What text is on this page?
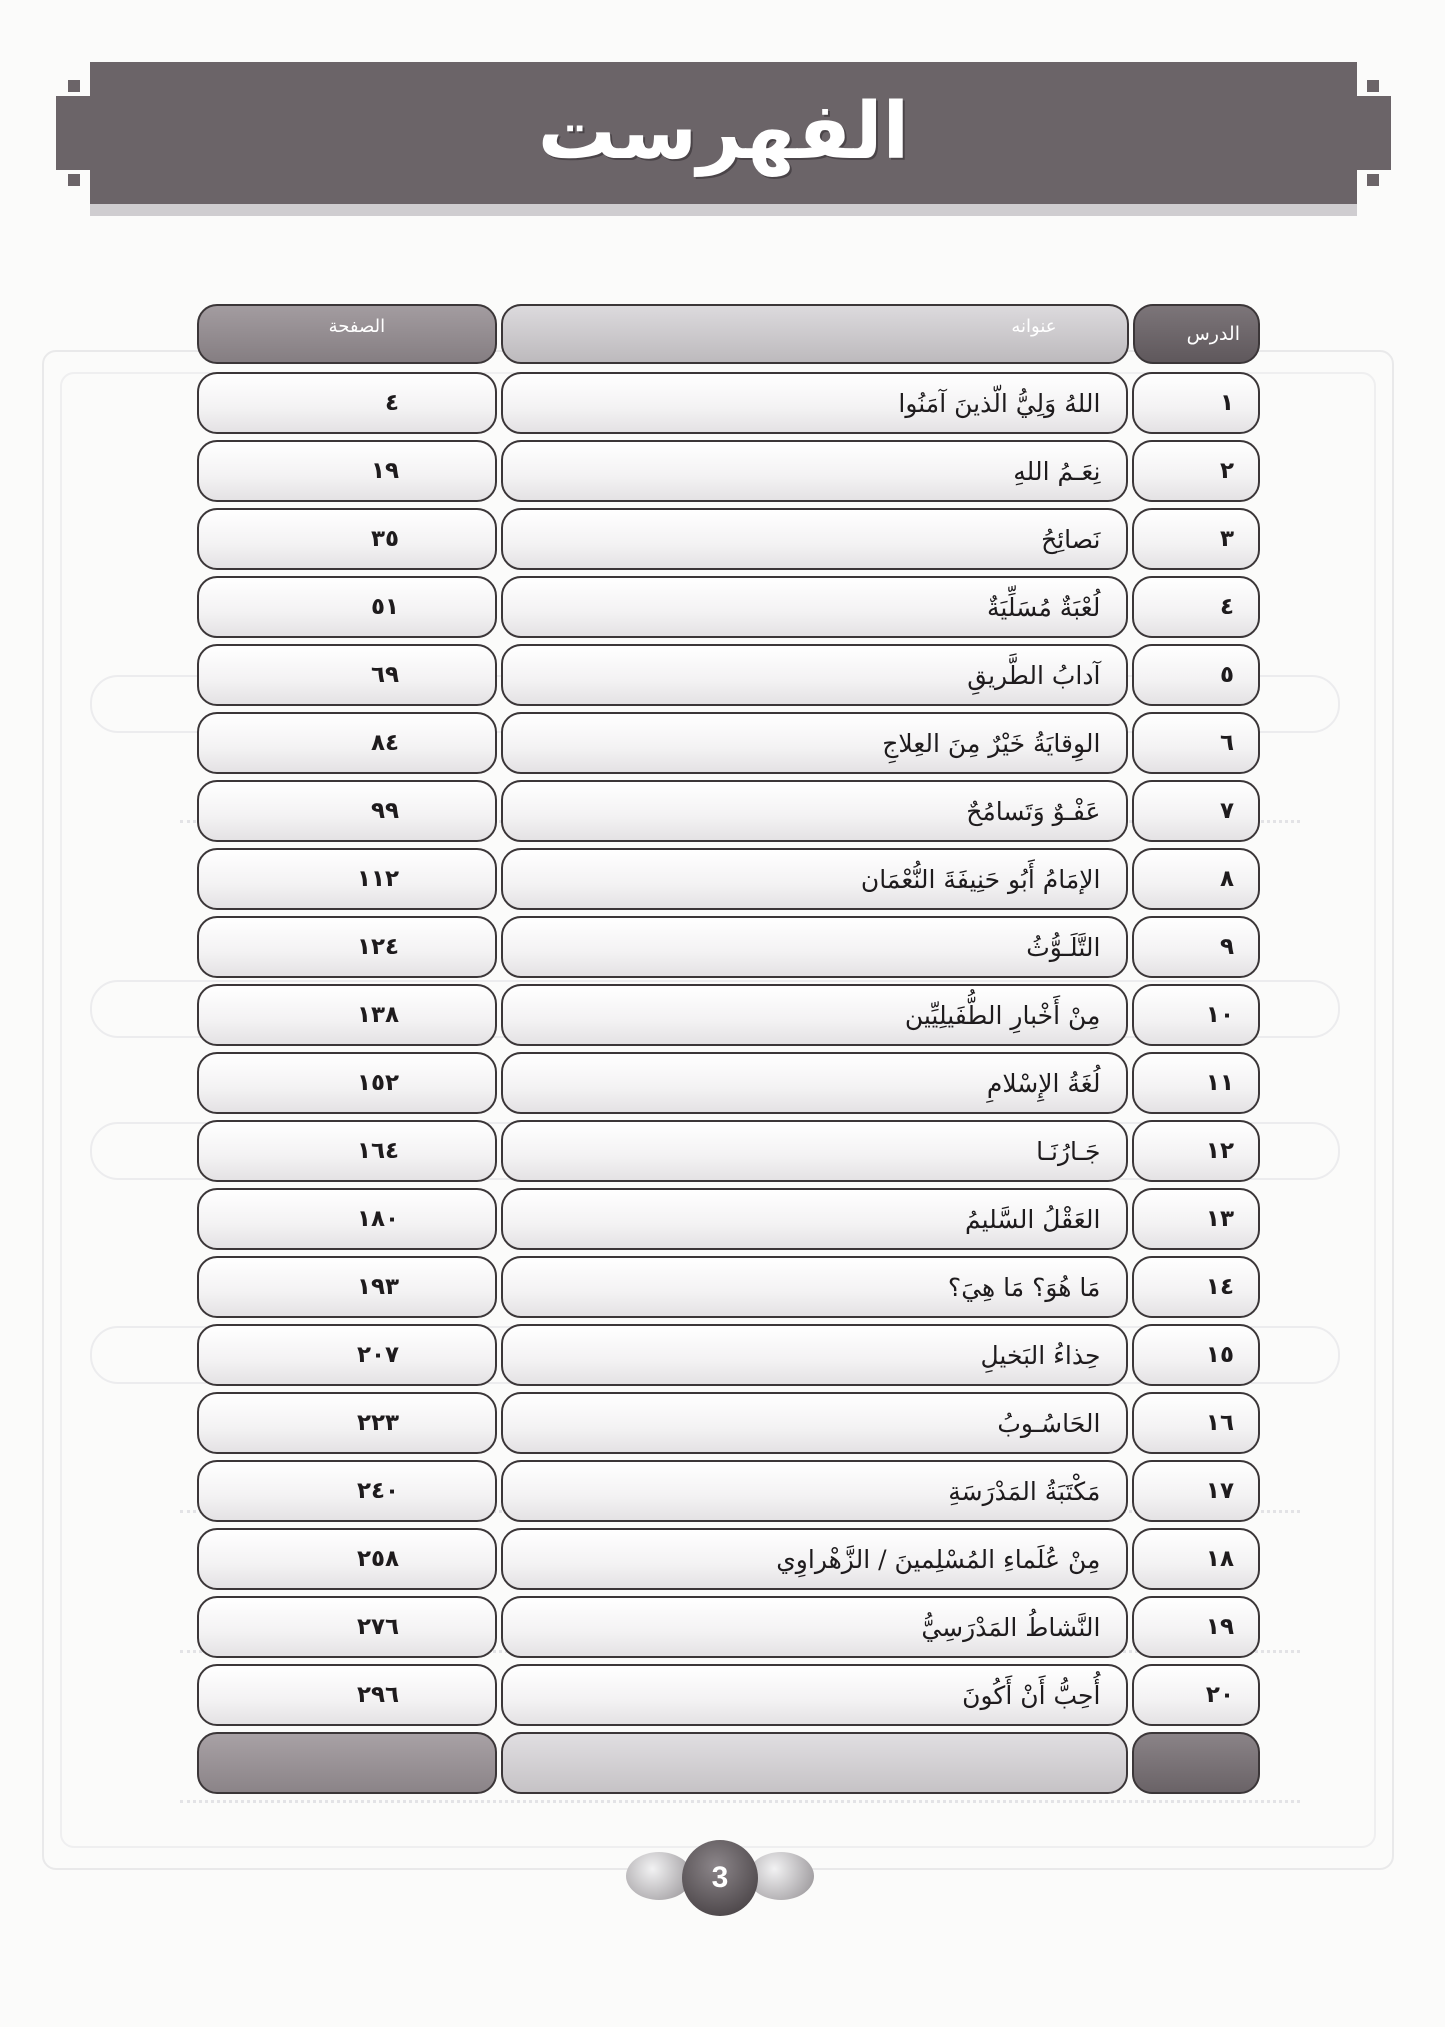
الفهرست
الدرس
عنوانه
الصفحة
١
اللهُ وَلِيُّ الّذينَ آمَنُوا
٤
٢
نِعَـمُ اللهِ
١٩
٣
نَصائِحُ
٣٥
٤
لُعْبَةٌ مُسَلِّيَةٌ
٥١
٥
آدابُ الطَّريقِ
٦٩
٦
الوِقايَةُ خَيْرٌ مِنَ العِلاجِ
٨٤
٧
عَفْـوٌ وَتَسامُحٌ
٩٩
٨
الإمَامُ أَبُو حَنِيفَةَ النُّعْمَان
١١٢
٩
التَّلَـوُّثُ
١٢٤
١٠
مِنْ أَخْبارِ الطُّفَيلِيِّين
١٣٨
١١
لُغَةُ الإِسْلامِ
١٥٢
١٢
جَـارُنَـا
١٦٤
١٣
العَقْلُ السَّليمُ
١٨٠
١٤
مَا هُوَ؟ مَا هِيَ؟
١٩٣
١٥
حِذاءُ البَخيلِ
٢٠٧
١٦
الحَاسُـوبُ
٢٢٣
١٧
مَكْتَبَةُ المَدْرَسَةِ
٢٤٠
١٨
مِنْ عُلَماءِ المُسْلِمينَ / الزَّهْراوِي
٢٥٨
١٩
النَّشاطُ المَدْرَسِيُّ
٢٧٦
٢٠
أُحِبُّ أَنْ أَكُونَ
٢٩٦
3
